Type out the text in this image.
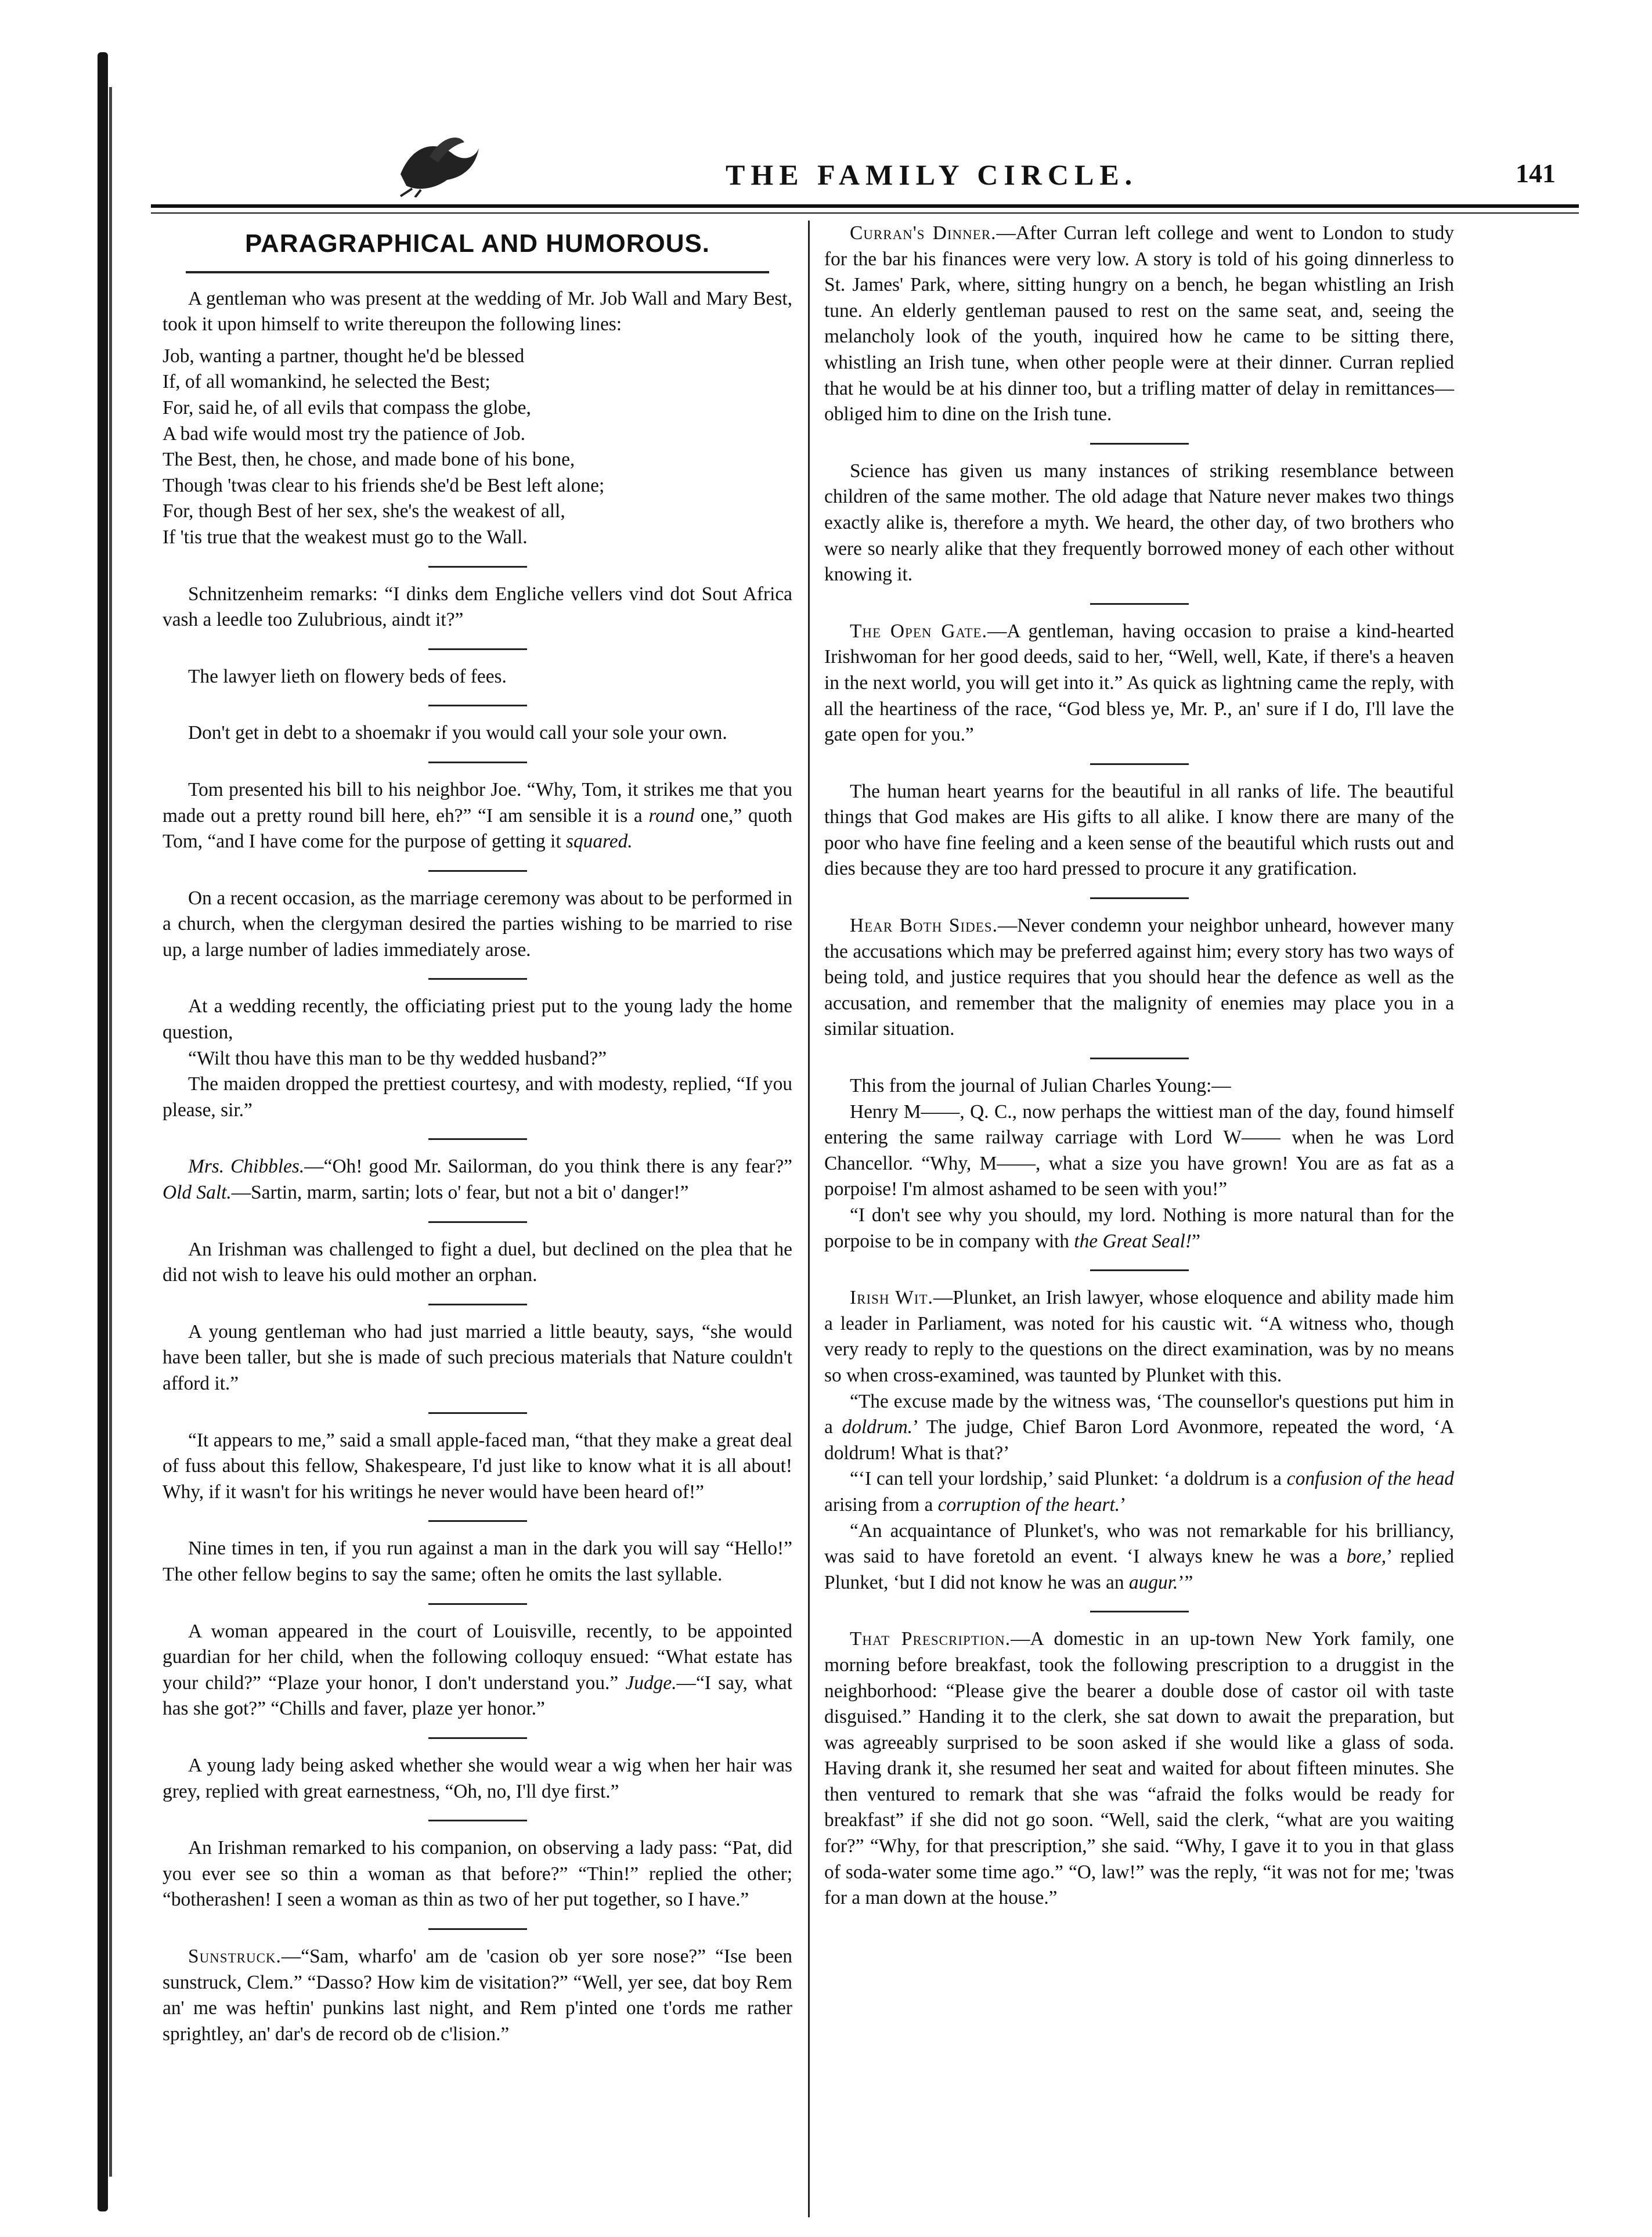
THE FAMILY CIRCLE.	141
PARAGRAPHICAL AND HUMOROUS.

A gentleman who was present at the wedding of Mr. Job Wall and Mary Best, took it upon himself to write thereupon the following lines:

Job, wanting a partner, thought he'd be blessed
If, of all womankind, he selected the Best;
For, said he, of all evils that compass the globe,
A bad wife would most try the patience of Job.
The Best, then, he chose, and made bone of his bone,
Though 'twas clear to his friends she'd be Best left alone;
For, though Best of her sex, she's the weakest of all,
If 'tis true that the weakest must go to the Wall.

Schnitzenheim remarks: “I dinks dem Engliche vellers vind dot Sout Africa vash a leedle too Zulubrious, aindt it?”

The lawyer lieth on flowery beds of fees.

Don't get in debt to a shoemakr if you would call your sole your own.

Tom presented his bill to his neighbor Joe. “Why, Tom, it strikes me that you made out a pretty round bill here, eh?” “I am sensible it is a round one,” quoth Tom, “and I have come for the purpose of getting it squared.

On a recent occasion, as the marriage ceremony was about to be performed in a church, when the clergyman desired the parties wishing to be married to rise up, a large number of ladies immediately arose.

At a wedding recently, the officiating priest put to the young lady the home question,

“Wilt thou have this man to be thy wedded husband?”

The maiden dropped the prettiest courtesy, and with modesty, replied, “If you please, sir.”

Mrs. Chibbles.—“Oh! good Mr. Sailorman, do you think there is any fear?” Old Salt.—Sartin, marm, sartin; lots o' fear, but not a bit o' danger!”

An Irishman was challenged to fight a duel, but declined on the plea that he did not wish to leave his ould mother an orphan.

A young gentleman who had just married a little beauty, says, “she would have been taller, but she is made of such precious materials that Nature couldn't afford it.”

“It appears to me,” said a small apple-faced man, “that they make a great deal of fuss about this fellow, Shakespeare, I'd just like to know what it is all about! Why, if it wasn't for his writings he never would have been heard of!”

Nine times in ten, if you run against a man in the dark you will say “Hello!” The other fellow begins to say the same; often he omits the last syllable.

A woman appeared in the court of Louisville, recently, to be appointed guardian for her child, when the following colloquy ensued: “What estate has your child?” “Plaze your honor, I don't understand you.” Judge.—“I say, what has she got?” “Chills and faver, plaze yer honor.”

A young lady being asked whether she would wear a wig when her hair was grey, replied with great earnestness, “Oh, no, I'll dye first.”

An Irishman remarked to his companion, on observing a lady pass: “Pat, did you ever see so thin a woman as that before?” “Thin!” replied the other; “botherashen! I seen a woman as thin as two of her put together, so I have.”

Sunstruck.—“Sam, wharfo' am de 'casion ob yer sore nose?” “Ise been sunstruck, Clem.” “Dasso? How kim de visitation?” “Well, yer see, dat boy Rem an' me was heftin' punkins last night, and Rem p'inted one t'ords me rather sprightley, an' dar's de record ob de c'lision.”

Curran's Dinner.—After Curran left college and went to London to study for the bar his finances were very low. A story is told of his going dinnerless to St. James' Park, where, sitting hungry on a bench, he began whistling an Irish tune. An elderly gentleman paused to rest on the same seat, and, seeing the melancholy look of the youth, inquired how he came to be sitting there, whistling an Irish tune, when other people were at their dinner. Curran replied that he would be at his dinner too, but a trifling matter of delay in remittances—obliged him to dine on the Irish tune.

Science has given us many instances of striking resemblance between children of the same mother. The old adage that Nature never makes two things exactly alike is, therefore a myth. We heard, the other day, of two brothers who were so nearly alike that they frequently borrowed money of each other without knowing it.

The Open Gate.—A gentleman, having occasion to praise a kind-hearted Irishwoman for her good deeds, said to her, “Well, well, Kate, if there's a heaven in the next world, you will get into it.” As quick as lightning came the reply, with all the heartiness of the race, “God bless ye, Mr. P., an' sure if I do, I'll lave the gate open for you.”

The human heart yearns for the beautiful in all ranks of life. The beautiful things that God makes are His gifts to all alike. I know there are many of the poor who have fine feeling and a keen sense of the beautiful which rusts out and dies because they are too hard pressed to procure it any gratification.

Hear Both Sides.—Never condemn your neighbor unheard, however many the accusations which may be preferred against him; every story has two ways of being told, and justice requires that you should hear the defence as well as the accusation, and remember that the malignity of enemies may place you in a similar situation.

This from the journal of Julian Charles Young:—

Henry M——, Q. C., now perhaps the wittiest man of the day, found himself entering the same railway carriage with Lord W—— when he was Lord Chancellor. “Why, M——, what a size you have grown! You are as fat as a porpoise! I'm almost ashamed to be seen with you!”

“I don't see why you should, my lord. Nothing is more natural than for the porpoise to be in company with the Great Seal!”

Irish Wit.—Plunket, an Irish lawyer, whose eloquence and ability made him a leader in Parliament, was noted for his caustic wit. “A witness who, though very ready to reply to the questions on the direct examination, was by no means so when cross-examined, was taunted by Plunket with this.

“The excuse made by the witness was, ‘The counsellor's questions put him in a doldrum.’ The judge, Chief Baron Lord Avonmore, repeated the word, ‘A doldrum! What is that?’

“‘I can tell your lordship,’ said Plunket: ‘a doldrum is a confusion of the head arising from a corruption of the heart.’

“An acquaintance of Plunket's, who was not remarkable for his brilliancy, was said to have foretold an event. ‘I always knew he was a bore,’ replied Plunket, ‘but I did not know he was an augur.’”

That Prescription.—A domestic in an up-town New York family, one morning before breakfast, took the following prescription to a druggist in the neighborhood: “Please give the bearer a double dose of castor oil with taste disguised.” Handing it to the clerk, she sat down to await the preparation, but was agreeably surprised to be soon asked if she would like a glass of soda. Having drank it, she resumed her seat and waited for about fifteen minutes. She then ventured to remark that she was “afraid the folks would be ready for breakfast” if she did not go soon. “Well, said the clerk, “what are you waiting for?” “Why, for that prescription,” she said. “Why, I gave it to you in that glass of soda-water some time ago.” “O, law!” was the reply, “it was not for me; 'twas for a man down at the house.”
